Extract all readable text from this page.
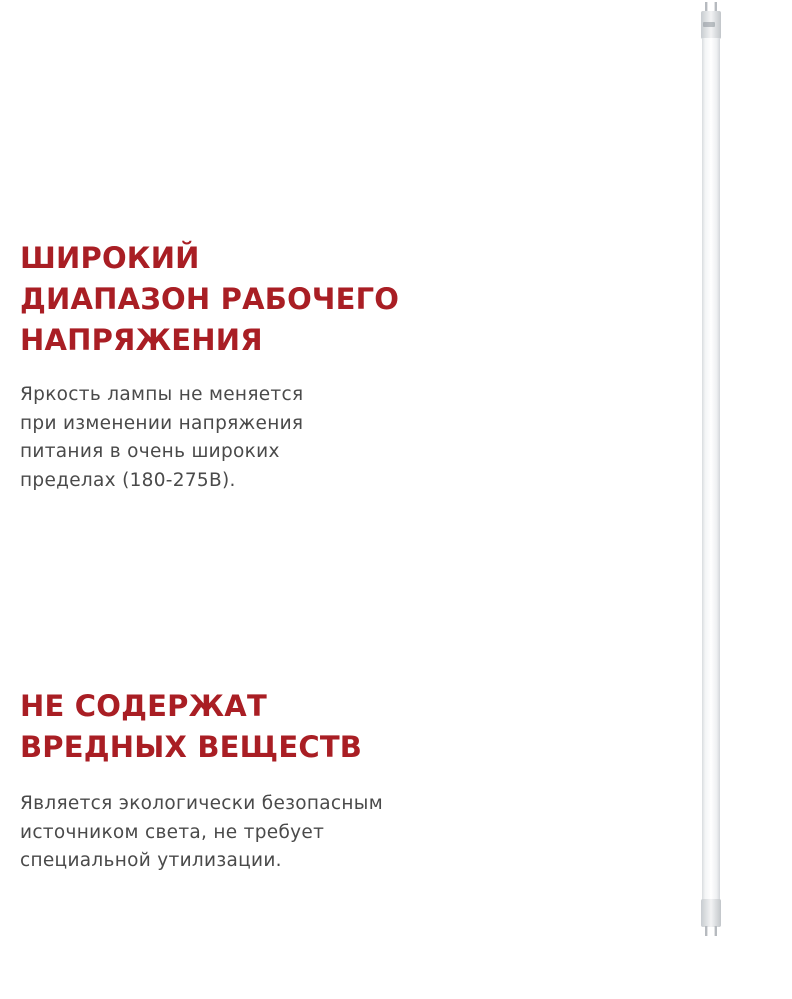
ШИРОКИЙ
ДИАПАЗОН РАБОЧЕГО
НАПРЯЖЕНИЯ

Яркость лампы не меняется
при изменении напряжения
питания в очень широких
пределах (180-275В).

НЕ СОДЕРЖАТ
ВРЕДНЫХ ВЕЩЕСТВ

Является экологически безопасным
источником света, не требует
специальной утилизации.
